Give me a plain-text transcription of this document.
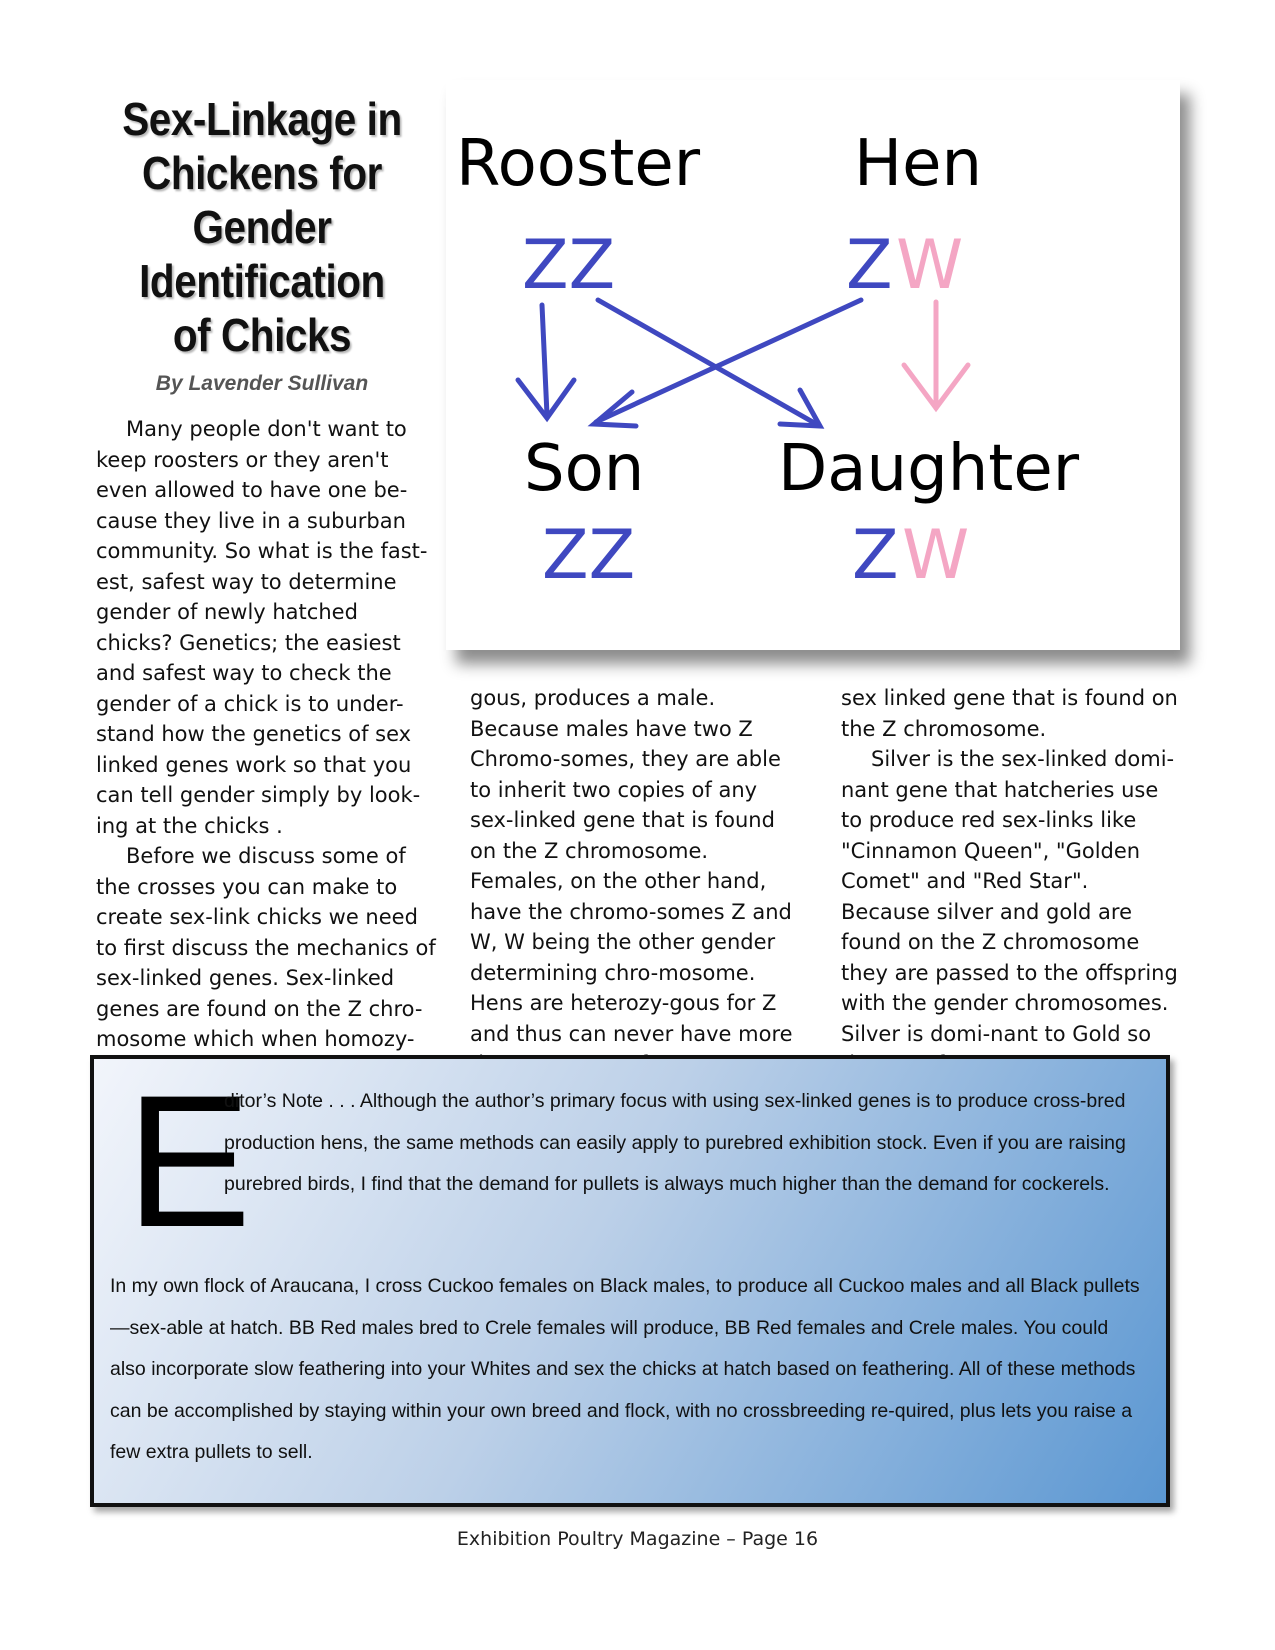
Sex-Linkage in Chickens for Gender Identification of Chicks

By Lavender Sullivan

Many people don't want to keep roosters or they aren't even allowed to have one be-cause they live in a suburban community. So what is the fast-est, safest way to determine gender of newly hatched chicks? Genetics; the easiest and safest way to check the gender of a chick is to under-stand how the genetics of sex linked genes work so that you can tell gender simply by look-ing at the chicks .

Before we discuss some of the crosses you can make to create sex-link chicks we need to first discuss the mechanics of sex-linked genes. Sex-linked genes are found on the Z chro-mosome which when homozy-

gous, produces a male. Because males have two Z Chromo-somes, they are able to inherit two copies of any sex-linked gene that is found on the Z chromosome. Females, on the other hand, have the chromo-somes Z and W, W being the other gender determining chro-mosome. Hens are heterozy-gous for Z and thus can never have more

sex linked gene that is found on the Z chromosome.

Silver is the sex-linked domi-nant gene that hatcheries use to produce red sex-links like "Cinnamon Queen", "Golden Comet" and "Red Star". Because silver and gold are found on the Z chromosome they are passed to the offspring with the gender chromosomes. Silver is domi-nant to Gold so

Rooster Hen
ZZ	Z W
Son Daughter
ZZ	Z W
E

ditor’s Note . . . Although the author’s primary focus with using sex-linked genes is to produce cross-bred production hens, the same methods can easily apply to purebred exhibition stock. Even if you are raising purebred birds, I find that the demand for pullets is always much higher than the demand for cockerels.

In my own flock of Araucana, I cross Cuckoo females on Black males, to produce all Cuckoo males and all Black pullets—sex-able at hatch. BB Red males bred to Crele females will produce, BB Red females and Crele males. You could also incorporate slow feathering into your Whites and sex the chicks at hatch based on feathering. All of these methods can be accomplished by staying within your own breed and flock, with no crossbreeding re-quired, plus lets you raise a few extra pullets to sell.

Exhibition Poultry Magazine – Page 16
